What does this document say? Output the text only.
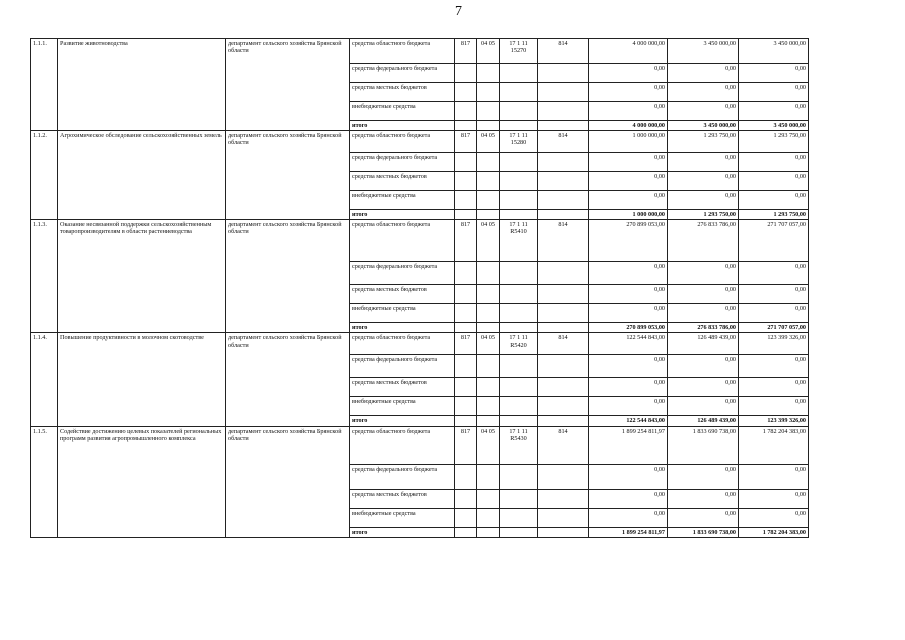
7
1.1.1.	Развитие животноводства	департамент сельского хозяйства Брянской области	средства областного бюджета	817	04 05	17 1 11 15270	814	4 000 000,00	3 450 000,00	3 450 000,00
			средства федерального бюджета					0,00	0,00	0,00
			средства местных бюджетов					0,00	0,00	0,00
			внебюджетные средства					0,00	0,00	0,00
			итого					4 000 000,00	3 450 000,00	3 450 000,00
1.1.2.	Агрохимическое обследование сельскохозяйственных земель	департамент сельского хозяйства Брянской области	средства областного бюджета	817	04 05	17 1 11 15280	814	1 000 000,00	1 293 750,00	1 293 750,00
			средства федерального бюджета					0,00	0,00	0,00
			средства местных бюджетов					0,00	0,00	0,00
			внебюджетные средства					0,00	0,00	0,00
			итого					1 000 000,00	1 293 750,00	1 293 750,00
1.1.3.	Оказание несвязанной поддержки сельскохозяйственным товаропроизводителям в области растениеводства	департамент сельского хозяйства Брянской области	средства областного бюджета	817	04 05	17 1 11 R5410	814	270 899 053,00	276 833 786,00	271 707 057,00
			средства федерального бюджета					0,00	0,00	0,00
			средства местных бюджетов					0,00	0,00	0,00
			внебюджетные средства					0,00	0,00	0,00
			итого					270 899 053,00	276 833 786,00	271 707 057,00
1.1.4.	Повышение продуктивности в молочном скотоводстве	департамент сельского хозяйства Брянской области	средства областного бюджета	817	04 05	17 1 11 R5420	814	122 544 843,00	126 489 439,00	123 399 326,00
			средства федерального бюджета					0,00	0,00	0,00
			средства местных бюджетов					0,00	0,00	0,00
			внебюджетные средства					0,00	0,00	0,00
			итого					122 544 843,00	126 489 439,00	123 399 326,00
1.1.5.	Содействие достижению целевых показателей региональных программ развития агропромышленного комплекса	департамент сельского хозяйства Брянской области	средства областного бюджета	817	04 05	17 1 11 R5430	814	1 899 254 811,97	1 833 690 738,00	1 782 204 383,00
			средства федерального бюджета					0,00	0,00	0,00
			средства местных бюджетов					0,00	0,00	0,00
			внебюджетные средства					0,00	0,00	0,00
			итого					1 899 254 811,97	1 833 690 738,00	1 782 204 383,00
